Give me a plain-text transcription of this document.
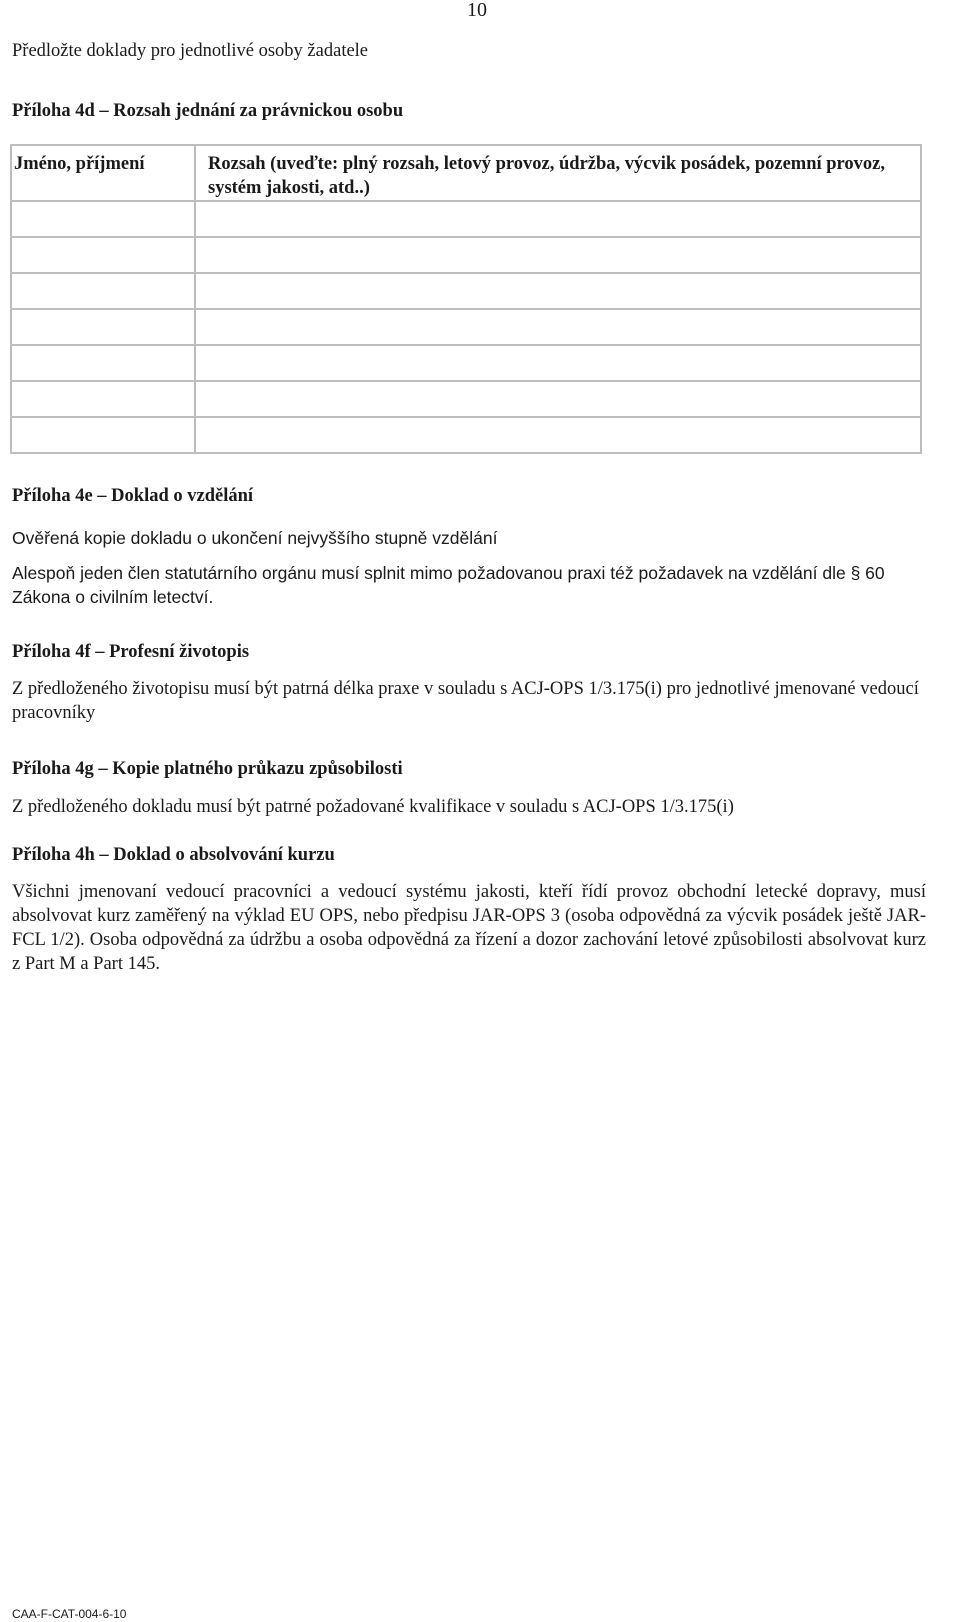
10
Předložte doklady pro jednotlivé osoby žadatele
Příloha 4d – Rozsah jednání za právnickou osobu
Jméno, příjmení	Rozsah (uveďte: plný rozsah, letový provoz, údržba, výcvik posádek, pozemní provoz, systém jakosti, atd..)

Příloha 4e – Doklad o vzdělání
Ověřená kopie dokladu o ukončení nejvyššího stupně vzdělání
Alespoň jeden člen statutárního orgánu musí splnit mimo požadovanou praxi též požadavek na vzdělání dle § 60 Zákona o civilním letectví.
Příloha 4f – Profesní životopis
Z předloženého životopisu musí být patrná délka praxe v souladu s ACJ-OPS 1/3.175(i) pro jednotlivé jmenované vedoucí pracovníky
Příloha 4g – Kopie platného průkazu způsobilosti
Z předloženého dokladu musí být patrné požadované kvalifikace v souladu s ACJ-OPS 1/3.175(i)
Příloha 4h – Doklad o absolvování kurzu
Všichni jmenovaní vedoucí pracovníci a vedoucí systému jakosti, kteří řídí provoz obchodní letecké dopravy, musí absolvovat kurz zaměřený na výklad EU OPS, nebo předpisu JAR-OPS 3 (osoba odpovědná za výcvik posádek ještě JAR-FCL 1/2). Osoba odpovědná za údržbu a osoba odpovědná za řízení a dozor zachování letové způsobilosti absolvovat kurz z Part M a Part 145.
CAA-F-CAT-004-6-10
